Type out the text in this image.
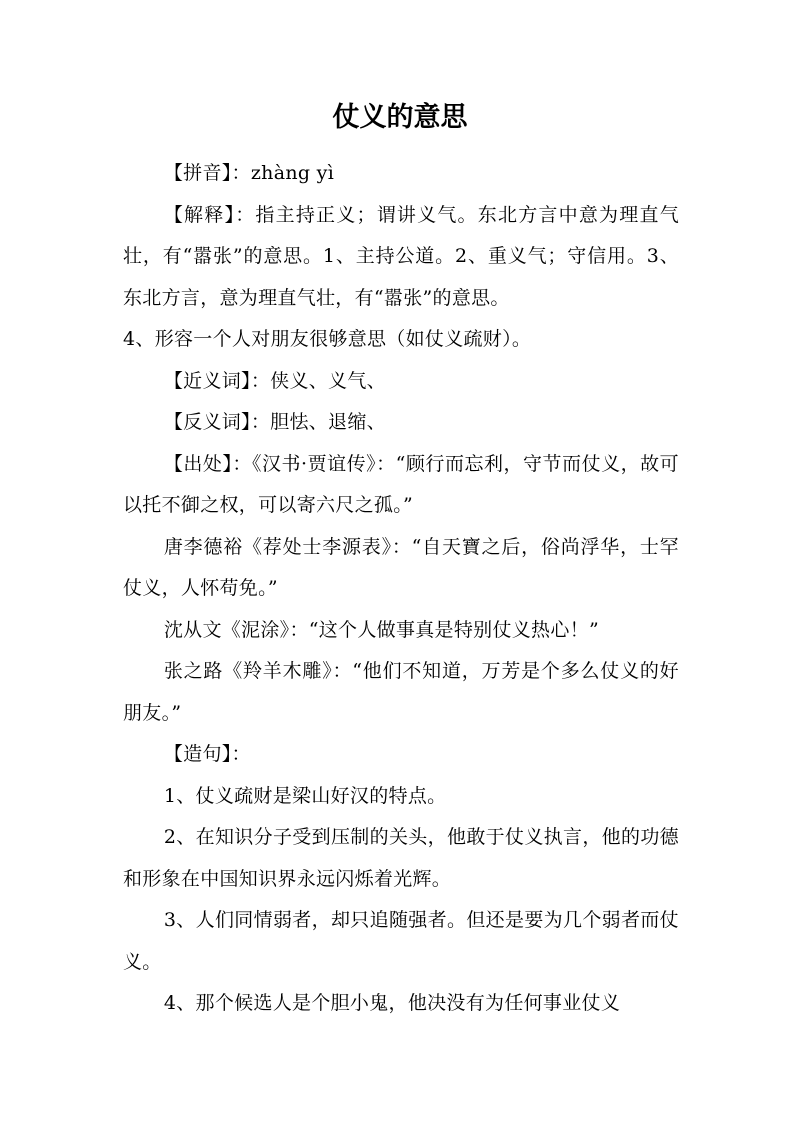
仗义的意思

【拼音】：zhàng yì

【解释】：指主持正义；谓讲义气。东北方言中意为理直气壮，有“嚣张”的意思。1、主持公道。2、重义气；守信用。3、东北方言，意为理直气壮，有“嚣张”的意思。

4、形容一个人对朋友很够意思（如仗义疏财）。

【近义词】：侠义、义气、

【反义词】：胆怯、退缩、

【出处】：《汉书·贾谊传》：“顾行而忘利，守节而仗义，故可以托不御之权，可以寄六尺之孤。”

唐李德裕《荐处士李源表》：“自天寶之后，俗尚浮华，士罕仗义，人怀苟免。”

沈从文《泥涂》：“这个人做事真是特别仗义热心！”

张之路《羚羊木雕》：“他们不知道，万芳是个多么仗义的好朋友。”

【造句】：

1、仗义疏财是梁山好汉的特点。

2、在知识分子受到压制的关头，他敢于仗义执言，他的功德和形象在中国知识界永远闪烁着光辉。

3、人们同情弱者，却只追随强者。但还是要为几个弱者而仗义。

4、那个候选人是个胆小鬼，他决没有为任何事业仗义
